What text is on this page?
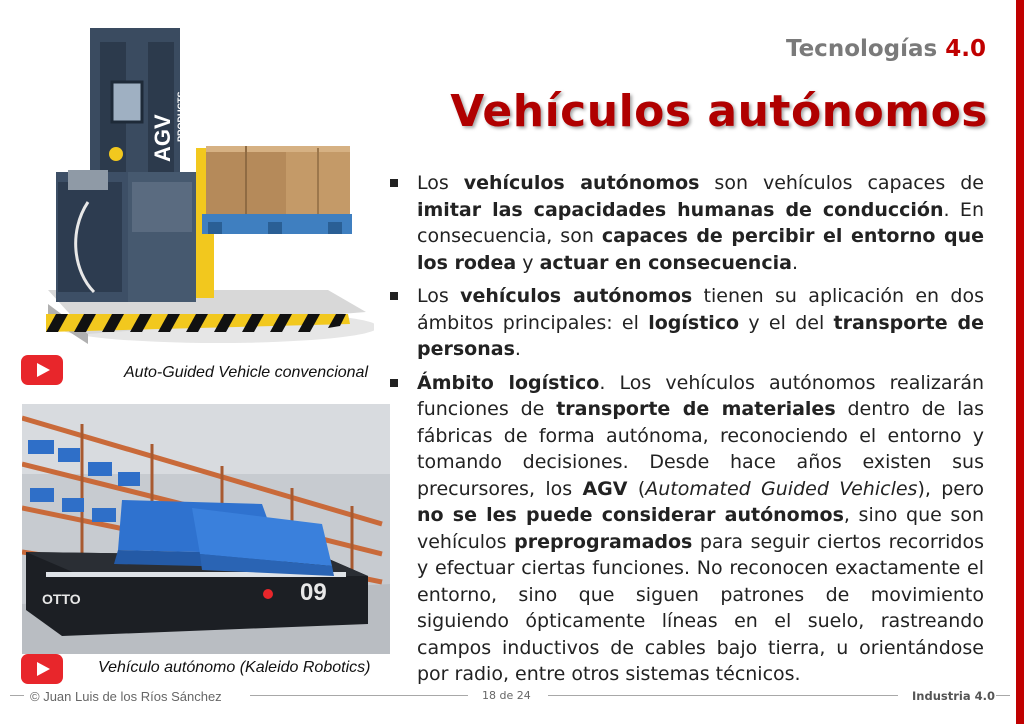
Tecnologías 4.0
Vehículos autónomos
AGV PRODUCTS
Auto-Guided Vehicle convencional
OTTO	09
Vehículo autónomo (Kaleido Robotics)
Los vehículos autónomos son vehículos capaces de imitar las capacidades humanas de conducción. En consecuencia, son capaces de percibir el entorno que los rodea y actuar en consecuencia.
Los vehículos autónomos tienen su aplicación en dos ámbitos principales: el logístico y el del transporte de personas.
Ámbito logístico. Los vehículos autónomos realizarán funciones de transporte de materiales dentro de las fábricas de forma autónoma, reconociendo el entorno y tomando decisiones. Desde hace años existen sus precursores, los AGV (Automated Guided Vehicles), pero no se les puede considerar autónomos, sino que son vehículos preprogramados para seguir ciertos recorridos y efectuar ciertas funciones. No reconocen exactamente el entorno, sino que siguen patrones de movimiento siguiendo ópticamente líneas en el suelo, rastreando campos inductivos de cables bajo tierra, u orientándose por radio, entre otros sistemas técnicos.
© Juan Luis de los Ríos Sánchez	18 de 24	Industria 4.0
